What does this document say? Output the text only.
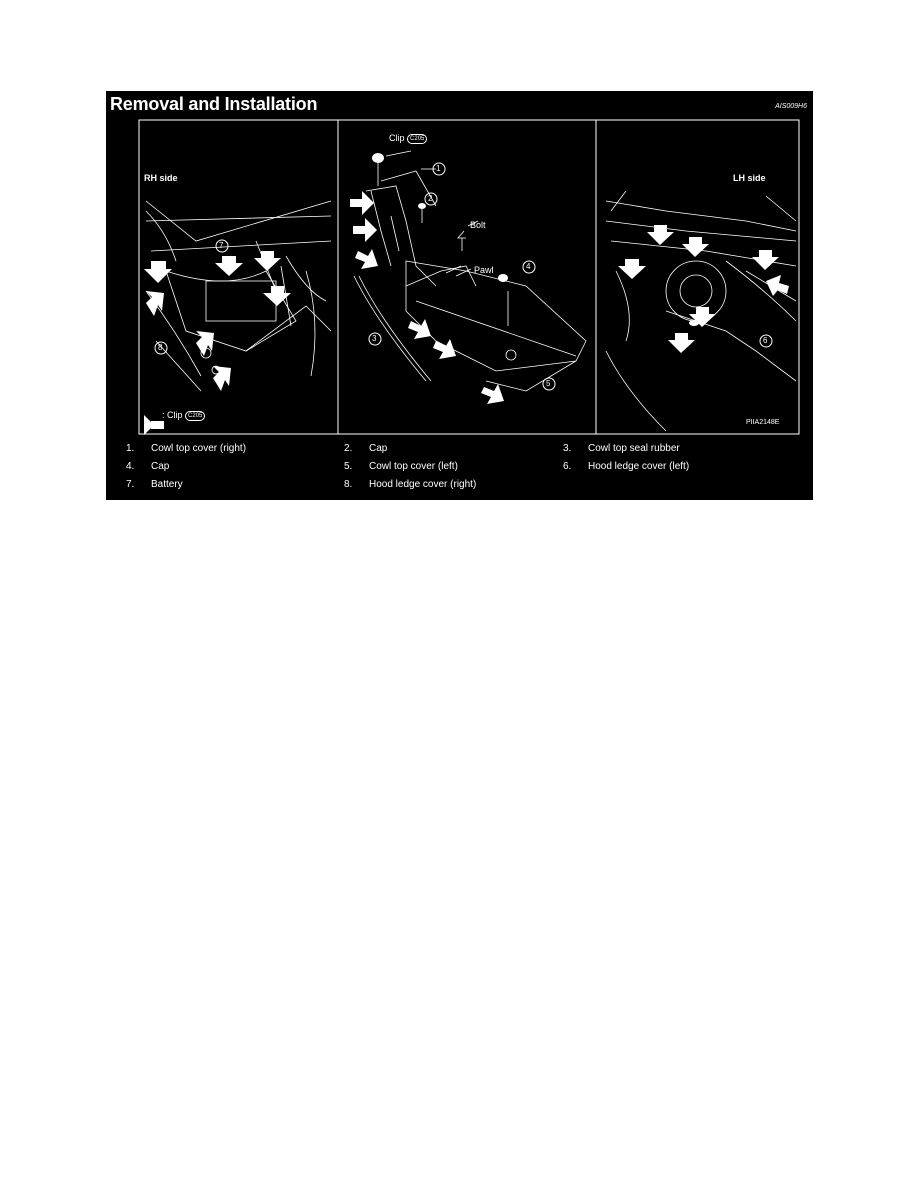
Removal and Installation	AIS009H6
RH side	LH side
Clip C205
Bolt
Pawl
: Clip C205
PIIA2148E
1
2
3
4
5
6
7
8
1. Cowl top cover (right)	2. Cap	3. Cowl top seal rubber
4. Cap	5. Cowl top cover (left)	6. Hood ledge cover (left)
7. Battery	8. Hood ledge cover (right)
